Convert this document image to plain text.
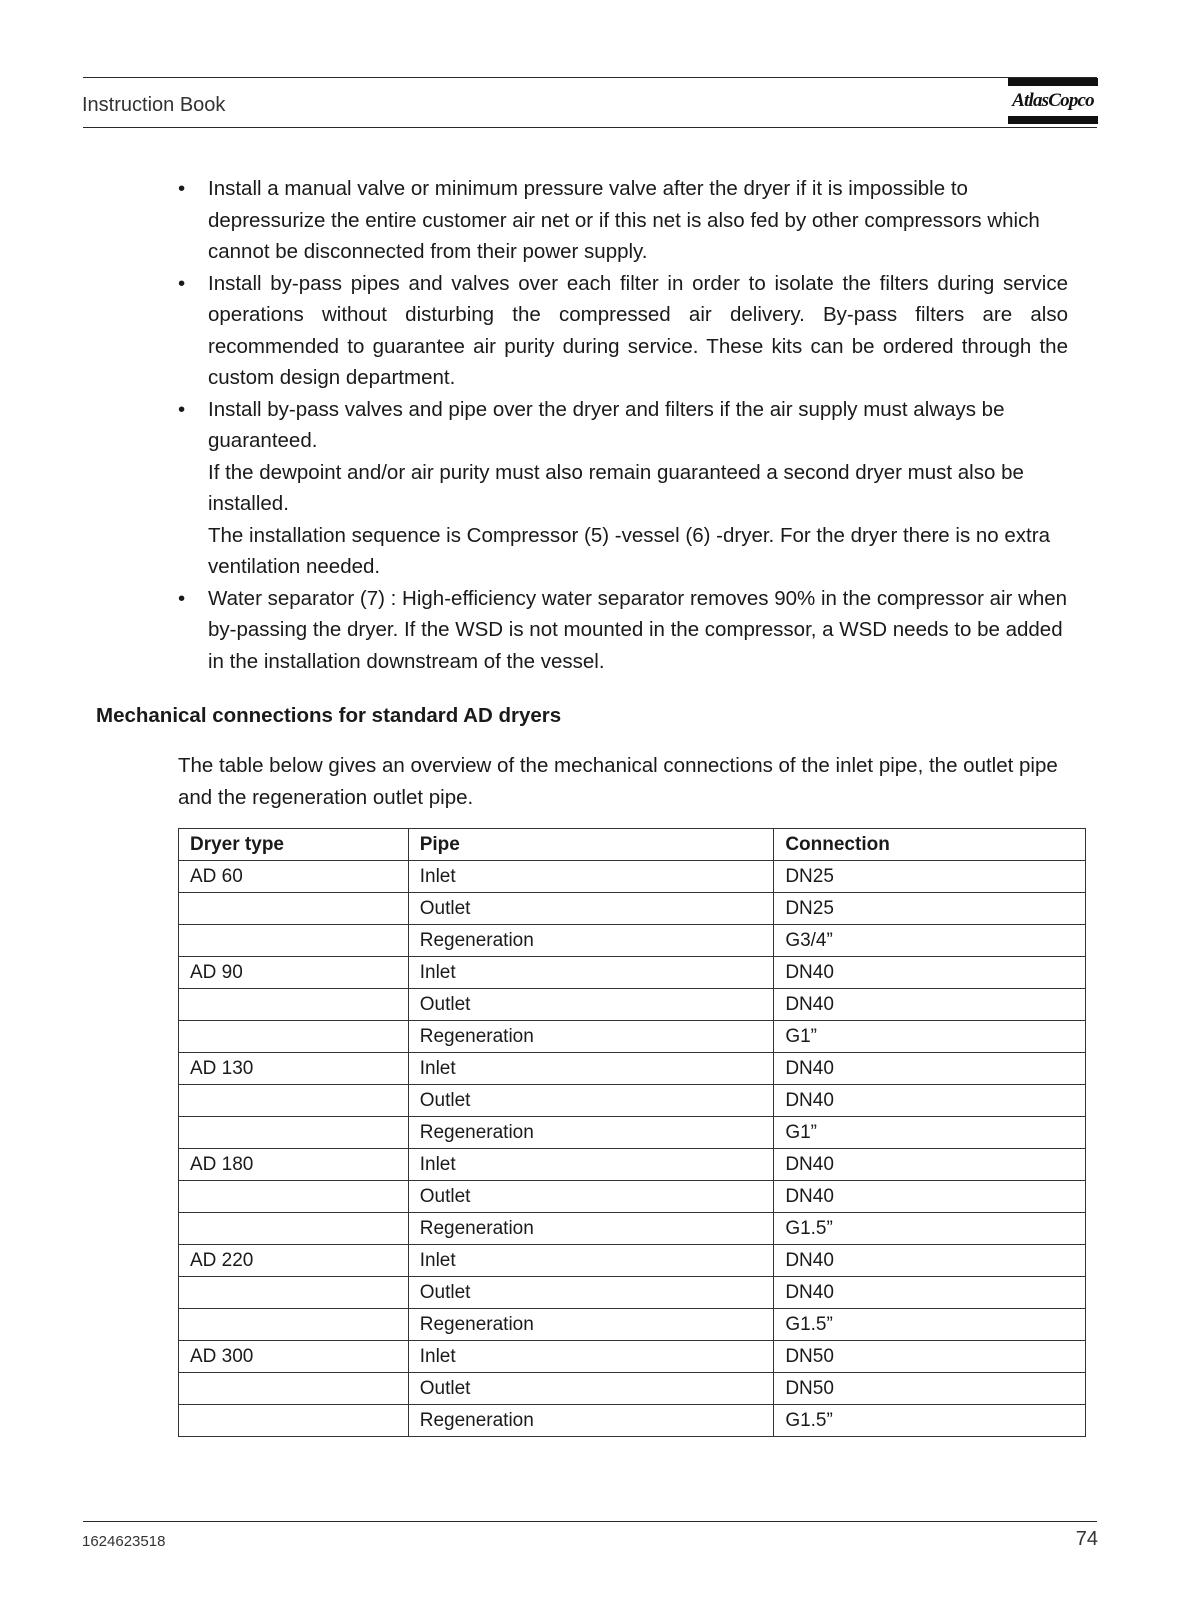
Instruction Book	AtlasCopco
• Install a manual valve or minimum pressure valve after the dryer if it is impossible to depressurize the entire customer air net or if this net is also fed by other compressors which cannot be disconnected from their power supply.

• Install by-pass pipes and valves over each filter in order to isolate the filters during service operations without disturbing the compressed air delivery. By-pass filters are also recommended to guarantee air purity during service. These kits can be ordered through the custom design department.

• Install by-pass valves and pipe over the dryer and filters if the air supply must always be guaranteed.

If the dewpoint and/or air purity must also remain guaranteed a second dryer must also be installed.

The installation sequence is Compressor (5) -vessel (6) -dryer. For the dryer there is no extra ventilation needed.

• Water separator (7) : High-efficiency water separator removes 90% in the compressor air when by-passing the dryer. If the WSD is not mounted in the compressor, a WSD needs to be added in the installation downstream of the vessel.

Mechanical connections for standard AD dryers
The table below gives an overview of the mechanical connections of the inlet pipe, the outlet pipe and the regeneration outlet pipe.
Dryer type	Pipe	Connection
AD 60	Inlet	DN25
	Outlet	DN25
	Regeneration	G3/4”
AD 90	Inlet	DN40
	Outlet	DN40
	Regeneration	G1”
AD 130	Inlet	DN40
	Outlet	DN40
	Regeneration	G1”
AD 180	Inlet	DN40
	Outlet	DN40
	Regeneration	G1.5”
AD 220	Inlet	DN40
	Outlet	DN40
	Regeneration	G1.5”
AD 300	Inlet	DN50
	Outlet	DN50
	Regeneration	G1.5”
1624623518	74
